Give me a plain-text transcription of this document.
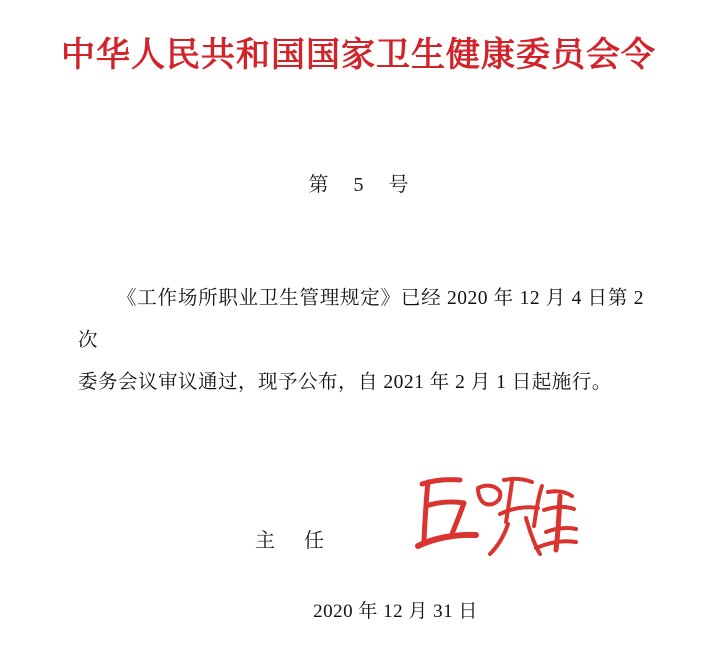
中华人民共和国国家卫生健康委员会令
第 5 号

《工作场所职业卫生管理规定》已经 2020 年 12 月 4 日第 2 次

委务会议审议通过，现予公布，自 2021 年 2 月 1 日起施行。

主 任
2020 年 12 月 31 日
